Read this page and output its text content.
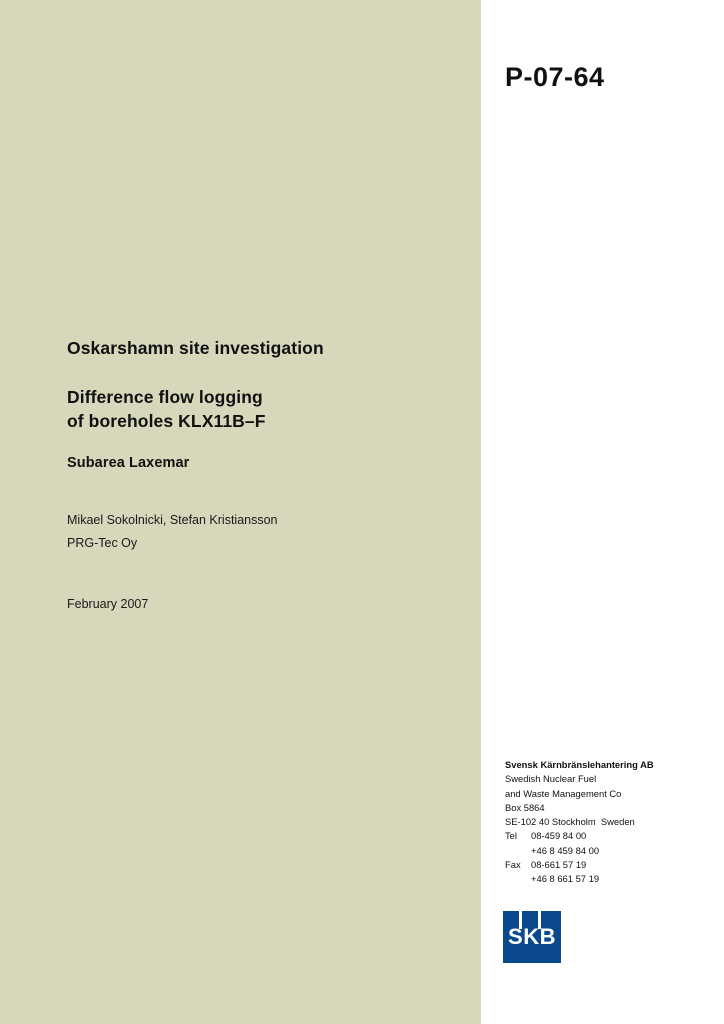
P-07-64

Oskarshamn site investigation

Difference flow logging
of boreholes KLX11B–F

Subarea Laxemar

Mikael Sokolnicki, Stefan Kristiansson

PRG-Tec Oy

February 2007

Svensk Kärnbränslehantering AB
Swedish Nuclear Fuel
and Waste Management Co
Box 5864
SE-102 40 Stockholm  Sweden
Tel	08-459 84 00
+46 8 459 84 00
Fax	08-661 57 19
+46 8 661 57 19
SKB
